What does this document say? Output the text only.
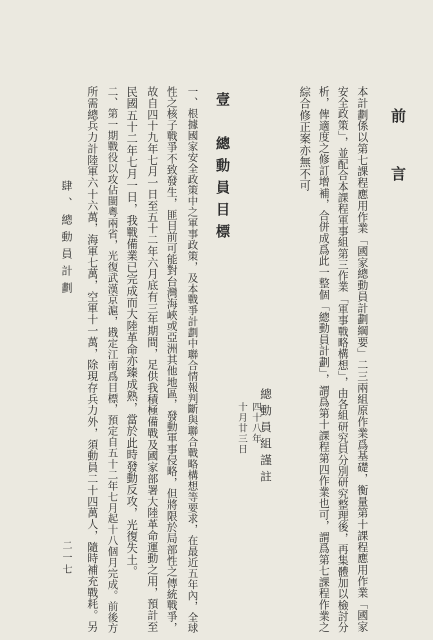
前　言
本計劃係以第七課程應用作業「國家總動員計劃綱要」二三兩組原作業爲基礎，衡量第十課程應用作業「國家
安全政策」，並配合本課程軍事組第三作業「軍事戰略構想」，由各組研究員分別研究整理後，再集體加以檢討分
析，俾適度之修訂增補，合併成爲此一整個「總動員計劃」，謂爲第十課程第四作業也可，謂爲第七課程作業之
綜合修正案亦無不可
總動員組謹註
四十八年
十月廿三日
壹　總動員目標
一、根據國家安全政策中之軍事政策，及本戰爭計劃中聯合情報判斷與聯合戰略構想等要求，在最近五年內，全球
性之核子戰爭不致發生，匪目前可能對台灣海峽或亞洲其他地區，發動軍事侵略，但將限於局部性之傳統戰爭，
故自四十九年七月一日至五十二年六月底有三年期間，足供我積極備戰及國家部署大陸革命運動之用，預計至
民國五十二年七月一日，我戰備業已完成而大陸革命亦臻成熟，當於此時發動反攻，光復失土。
二、第一期戰役以攻佔閩粵兩省，光復武漢京滬，戡定江南爲目標，預定自五十二年七月起十八個月完成。前後方
所需總兵力計陸軍六十六萬，海軍七萬，空軍十一萬，除現存兵力外，須動員二十四萬人，隨時補充戰耗。另
肆、總動員計劃
二一七
